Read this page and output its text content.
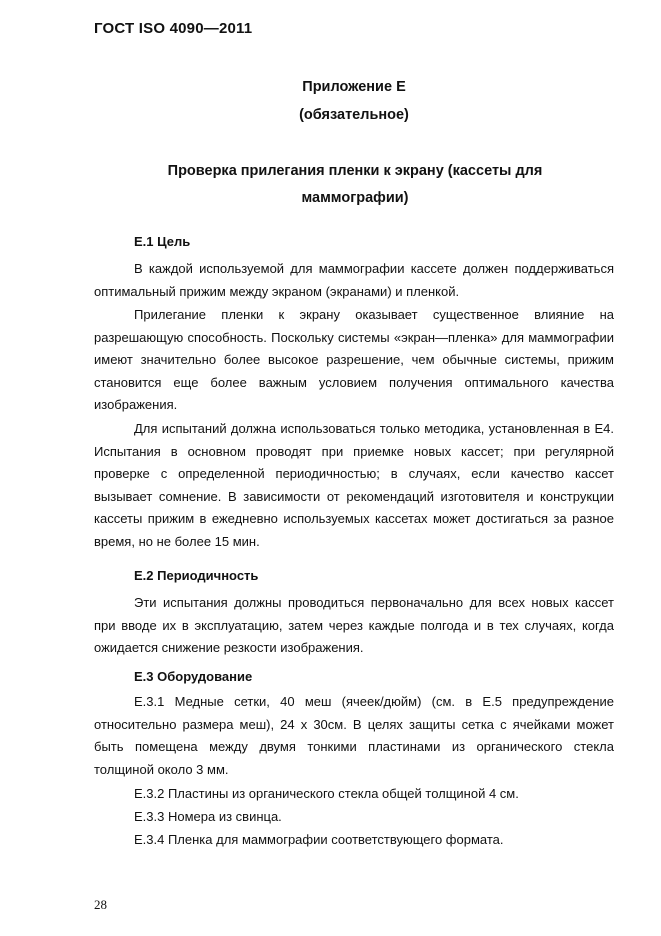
ГОСТ ISO 4090—2011
Приложение Е
(обязательное)
Проверка прилегания пленки к экрану (кассеты для маммографии)
Е.1 Цель

В каждой используемой для маммографии кассете должен поддерживаться оптимальный прижим между экраном (экранами) и пленкой.

Прилегание пленки к экрану оказывает существенное влияние на разрешающую способность. Поскольку системы «экран—пленка» для маммографии имеют значительно более высокое разрешение, чем обычные системы, прижим становится еще более важным условием получения оптимального качества изображения.

Для испытаний должна использоваться только методика, установленная в Е4. Испытания в основном проводят при приемке новых кассет; при регулярной проверке с определенной периодичностью; в случаях, если качество кассет вызывает сомнение. В зависимости от рекомендаций изготовителя и конструкции кассеты прижим в ежедневно используемых кассетах может достигаться за разное время, но не более 15 мин.

Е.2 Периодичность

Эти испытания должны проводиться первоначально для всех новых кассет при вводе их в эксплуатацию, затем через каждые полгода и в тех случаях, когда ожидается снижение резкости изображения.

Е.3 Оборудование

Е.3.1 Медные сетки, 40 меш (ячеек/дюйм) (см. в Е.5 предупреждение относительно размера меш), 24 x 30см. В целях защиты сетка с ячейками может быть помещена между двумя тонкими пластинами из органического стекла толщиной около 3 мм.

Е.3.2 Пластины из органического стекла общей толщиной 4 см.

Е.3.3 Номера из свинца.

Е.3.4 Пленка для маммографии соответствующего формата.

28
